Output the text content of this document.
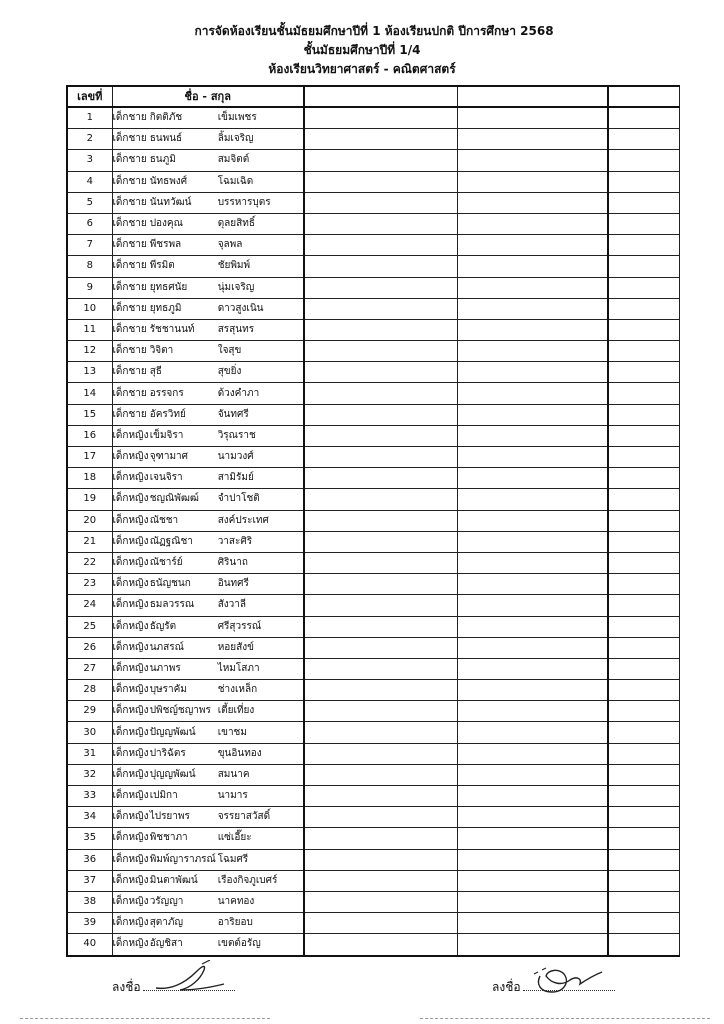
การจัดห้องเรียนชั้นมัธยมศึกษาปีที่ 1 ห้องเรียนปกติ ปีการศึกษา 2568
ชั้นมัธยมศึกษาปีที่ 1/4
ห้องเรียนวิทยาศาสตร์ - คณิตศาสตร์
เลขที่	ชื่อ - สกุล			
1	เด็กชาย กิตติภัช เข็มเพชร			
2	เด็กชาย ธนพนธ์ ลิ้มเจริญ			
3	เด็กชาย ธนภูมิ สมจิตต์			
4	เด็กชาย นัทธพงศ์ โฉมเฉิด			
5	เด็กชาย นันทวัฒน์ บรรหารบุตร			
6	เด็กชาย ปองคุณ ดุลยสิทธิ์			
7	เด็กชาย พีชรพล จุลพล			
8	เด็กชาย พีรมิต ชัยพิมพ์			
9	เด็กชาย ยุทธศนัย นุ่มเจริญ			
10	เด็กชาย ยุทธภูมิ ดาวสูงเนิน			
11	เด็กชาย รัชชานนท์ สรสุนทร			
12	เด็กชาย วิจิตา ใจสุข			
13	เด็กชาย สุธี สุขยิ่ง			
14	เด็กชาย อรรจกร ด้วงคำภา			
15	เด็กชาย อัครวิทย์ จันทศรี			
16	เด็กหญิง เข็มจิรา วิรุณราช			
17	เด็กหญิง จุฑามาศ นามวงศ์			
18	เด็กหญิง เจนจิรา สามิรัมย์			
19	เด็กหญิง ชญณิพัฒฒ์ จำปาโชติ			
20	เด็กหญิง ณัชชา สงค์ประเทศ			
21	เด็กหญิง ณัฏฐณิชา วาสะศิริ			
22	เด็กหญิง ณัชาร์ย์ ศิรินาถ			
23	เด็กหญิง ธนัญชนก อินทศรี			
24	เด็กหญิง ธมลวรรณ สังวาลี			
25	เด็กหญิง ธัญรัต ศรีสุวรรณ์			
26	เด็กหญิง นภสรณ์ หอยสังข์			
27	เด็กหญิง นภาพร ไหมโสภา			
28	เด็กหญิง บุษราคัม ช่างเหล็ก			
29	เด็กหญิง ปพิชญ์ชญาพร เตี้ยเที่ยง			
30	เด็กหญิง ปัญญพัฒน์ เขาชม			
31	เด็กหญิง ปาริฉัตร ขุนอินทอง			
32	เด็กหญิง ปุญญพัฒน์ สมนาค			
33	เด็กหญิง เปมิกา นามาร			
34	เด็กหญิง ไปรยาพร จรรยาสวัสดิ์			
35	เด็กหญิง พิชชาภา แซ่เอี๊ยะ			
36	เด็กหญิง พิมพ์ญาราภรณ์ โฉมศรี			
37	เด็กหญิง มินตาพัฒน์ เรืองกิจภูเบศร์			
38	เด็กหญิง วรัญญา นาคทอง			
39	เด็กหญิง สุตาภัญ อาริยอบ			
40	เด็กหญิง อัญชิสา เขตต์อรัญ			
ลงชื่อ	ลงชื่อ
